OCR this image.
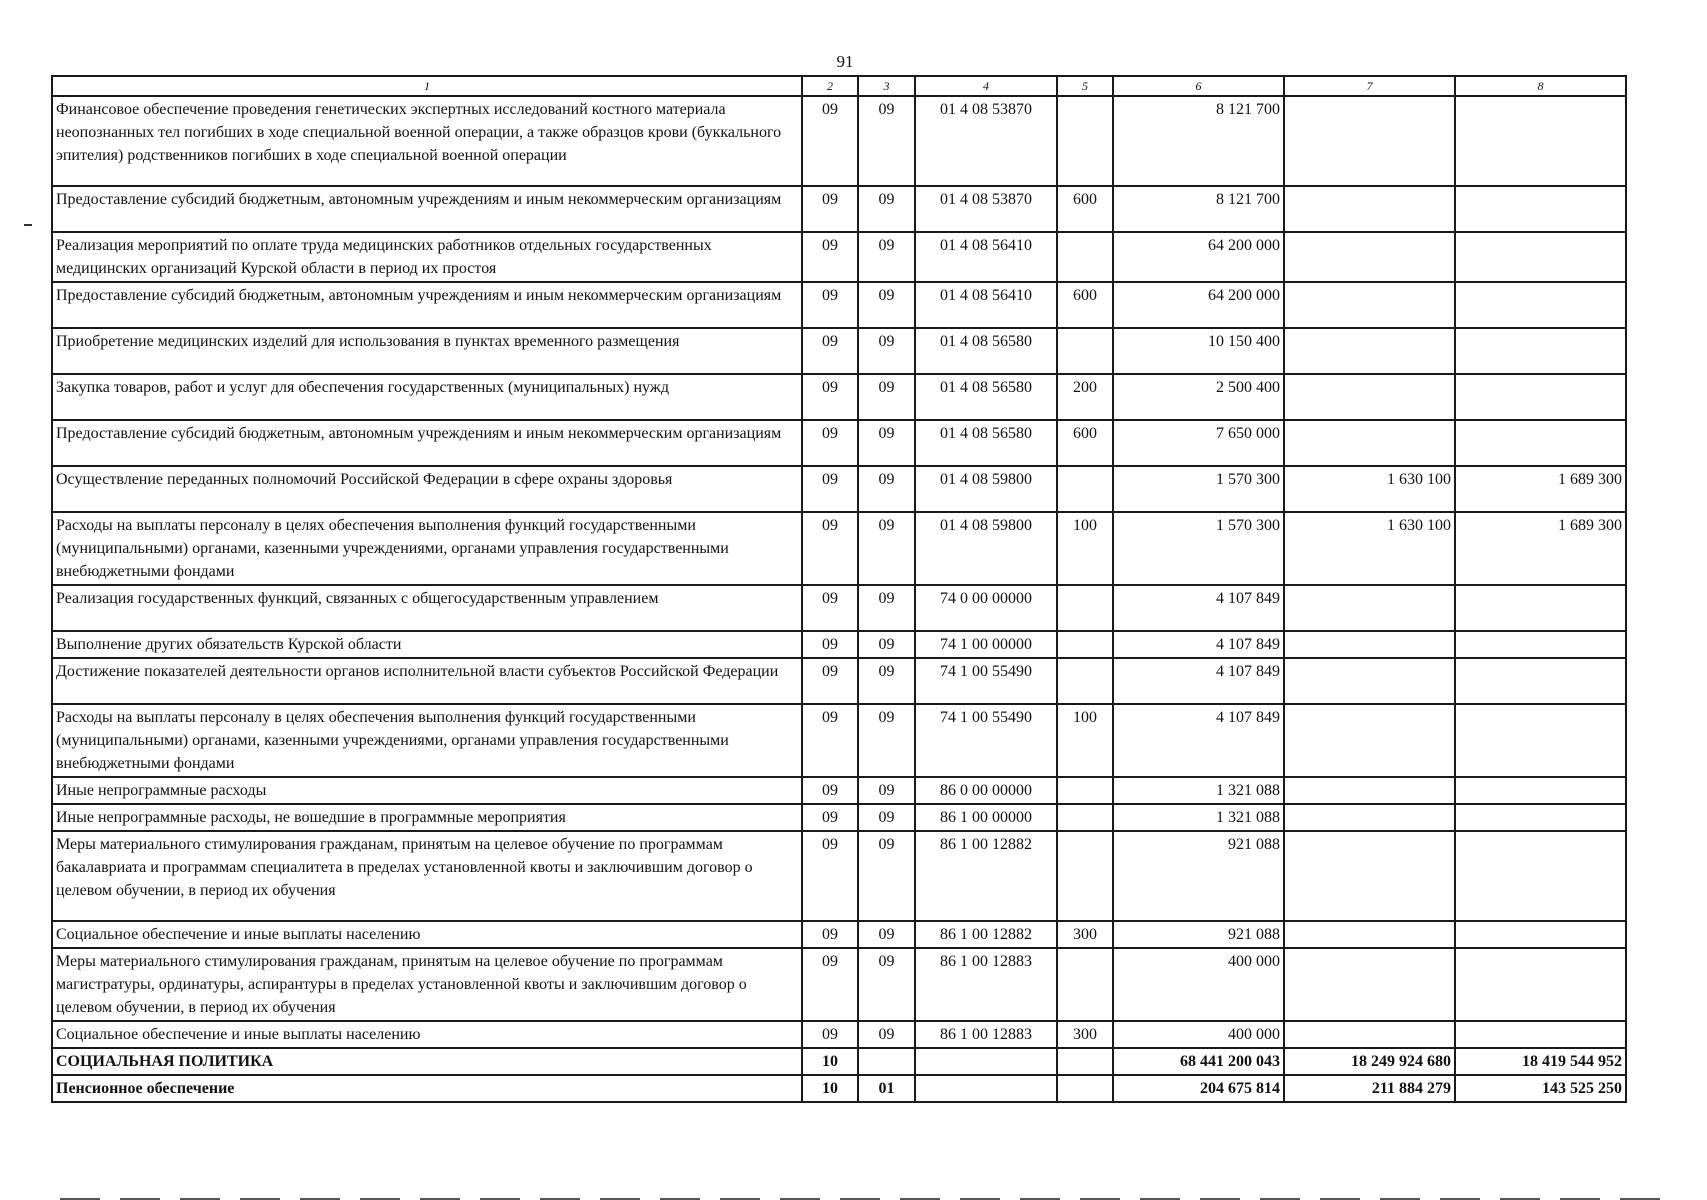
91
1	2	3	4	5	6	7	8
Финансовое обеспечение проведения генетических экспертных исследований костного материала неопознанных тел погибших в ходе специальной военной операции, а также образцов крови (буккального эпителия) родственников погибших в ходе специальной военной операции	09	09	01 4 08 53870		8 121 700		
Предоставление субсидий бюджетным, автономным учреждениям и иным некоммерческим организациям	09	09	01 4 08 53870	600	8 121 700		
Реализация мероприятий по оплате труда медицинских работников отдельных государственных медицинских организаций Курской области в период их простоя	09	09	01 4 08 56410		64 200 000		
Предоставление субсидий бюджетным, автономным учреждениям и иным некоммерческим организациям	09	09	01 4 08 56410	600	64 200 000		
Приобретение медицинских изделий для использования в пунктах временного размещения	09	09	01 4 08 56580		10 150 400		
Закупка товаров, работ и услуг для обеспечения государственных (муниципальных) нужд	09	09	01 4 08 56580	200	2 500 400		
Предоставление субсидий бюджетным, автономным учреждениям и иным некоммерческим организациям	09	09	01 4 08 56580	600	7 650 000		
Осуществление переданных полномочий Российской Федерации в сфере охраны здоровья	09	09	01 4 08 59800		1 570 300	1 630 100	1 689 300
Расходы на выплаты персоналу в целях обеспечения выполнения функций государственными (муниципальными) органами, казенными учреждениями, органами управления государственными внебюджетными фондами	09	09	01 4 08 59800	100	1 570 300	1 630 100	1 689 300
Реализация государственных функций, связанных с общегосударственным управлением	09	09	74 0 00 00000		4 107 849		
Выполнение других обязательств Курской области	09	09	74 1 00 00000		4 107 849		
Достижение показателей деятельности органов исполнительной власти субъектов Российской Федерации	09	09	74 1 00 55490		4 107 849		
Расходы на выплаты персоналу в целях обеспечения выполнения функций государственными (муниципальными) органами, казенными учреждениями, органами управления государственными внебюджетными фондами	09	09	74 1 00 55490	100	4 107 849		
Иные непрограммные расходы	09	09	86 0 00 00000		1 321 088		
Иные непрограммные расходы, не вошедшие в программные мероприятия	09	09	86 1 00 00000		1 321 088		
Меры материального стимулирования гражданам, принятым на целевое обучение по программам бакалавриата и программам специалитета в пределах установленной квоты и заключившим договор о целевом обучении, в период их обучения	09	09	86 1 00 12882		921 088		
Социальное обеспечение и иные выплаты населению	09	09	86 1 00 12882	300	921 088		
Меры материального стимулирования гражданам, принятым на целевое обучение по программам магистратуры, ординатуры, аспирантуры в пределах установленной квоты и заключившим договор о целевом обучении, в период их обучения	09	09	86 1 00 12883		400 000		
Социальное обеспечение и иные выплаты населению	09	09	86 1 00 12883	300	400 000		
СОЦИАЛЬНАЯ ПОЛИТИКА	10				68 441 200 043	18 249 924 680	18 419 544 952
Пенсионное обеспечение	10	01			204 675 814	211 884 279	143 525 250
